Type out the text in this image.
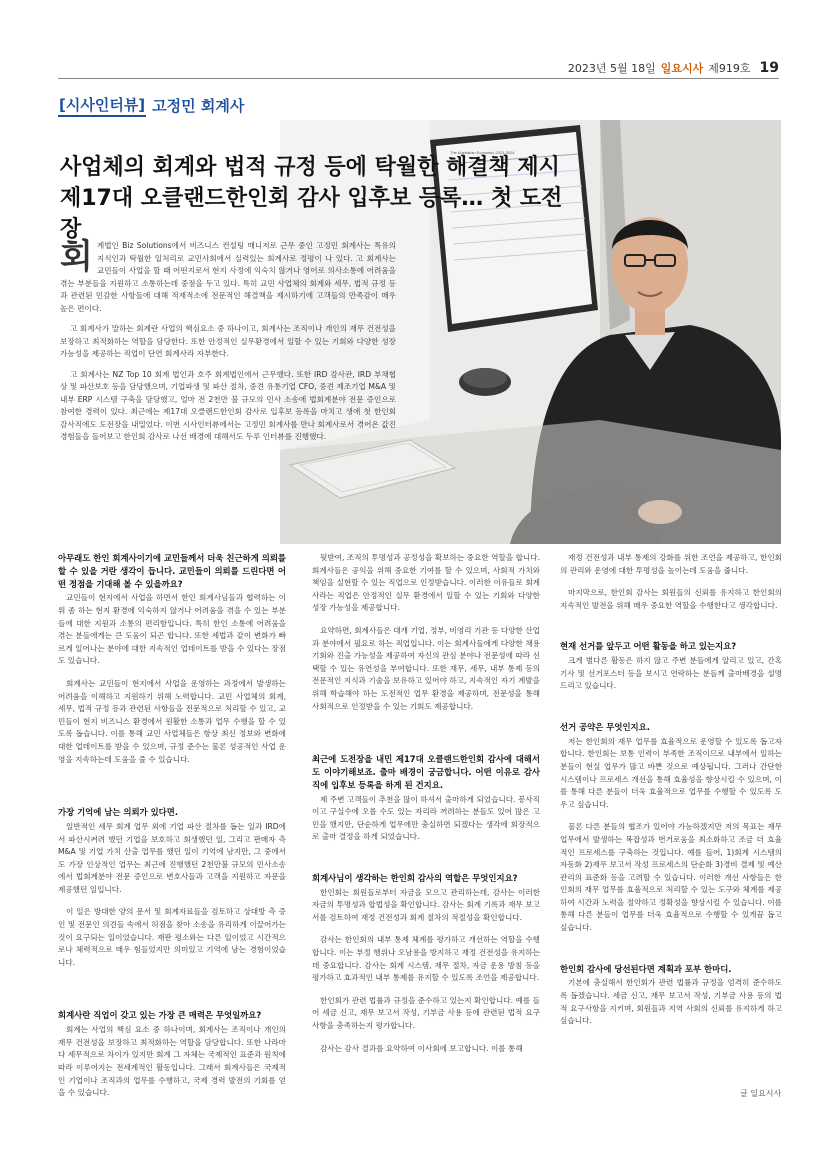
2023년 5월 18일 일요시사 제919호 19
[시사인터뷰] 고정민 회계사
The Australian Economic 2023-2024
사업체의 회계와 법적 규정 등에 탁월한 해결책 제시
제17대 오클랜드한인회 감사 입후보 등록… 첫 도전장

회계법인 Biz Solutions에서 비즈니스 컨설팅 매니저로 근무 중인 고정민 회계사는 특유의 지식인과 탁월한 일처리로 교민사회에서 실력있는 회계사로 정평이 나 있다. 고 회계사는 교민들이 사업을 할 때 어떤지로서 현지 사정에 익숙치 않거나 영어로 의사소통에 어려움을 겪는 부분들을 지원하고 소통하는데 중점을 두고 있다. 특히 교민 사업체의 회계와 세무, 법적 규정 등과 관련된 민감한 사항들에 대해 적재적소에 전문적인 해결책을 제시하기에 고객들의 만족감이 매우 높은 편이다.

고 회계사가 말하는 회계란 사업의 핵심요소 중 하나이고, 회계사는 조직이나 개인의 재무 건전성을 보장하고 최적화하는 역할을 담당한다. 또한 안정적인 실무환경에서 일할 수 있는 기회와 다양한 성장 가능성을 제공하는 직업이 단연 회계사라 자부한다.

고 회계사는 NZ Top 10 회계 법인과 호주 회계법인에서 근무했다. 또한 IRD 감사관, IRD 부채협상 및 파산보호 등을 담당했으며, 기업파생 및 파산 절차, 중견 유통기업 CFO, 중견 제조기업 M&A 및 내부 ERP 시스템 구축을 담당했고, 얼마 전 2천만 불 규모의 민사 소송에 법회계분야 전문 증인으로 참여한 경력이 있다. 최근에는 제17대 오클랜드한인회 감사로 입후보 등록을 마치고 생애 첫 한인회 감사직에도 도전장을 내밀었다. 이번 시사인터뷰에서는 고정민 회계사를 만나 회계사로서 겪어온 값진 경험들을 들어보고 한인회 감사로 나선 배경에 대해서도 두루 인터뷰를 진행했다.

아무래도 한인 회계사이기에 교민들께서 더욱 친근하게 의뢰를 할 수 있을 거란 생각이 듭니다. 교민들이 의뢰를 드린다면 어떤 정점을 기대해 볼 수 있을까요?

교민들이 현지에서 사업을 하면서 한인 회계사님들과 협력하는 이뤄 좀 하는 현지 환경에 익숙하지 않거나 어려움을 겪을 수 있는 부분들에 대한 지원과 소통의 편리함입니다. 특히 한인 소통에 어려움을 겪는 분들에게는 큰 도움이 되곤 합니다. 또한 세법과 같이 변화가 빠르게 일어나는 분야에 대한 지속적인 업데이트를 받을 수 있다는 장점도 있습니다.

회계사는 교민들이 현지에서 사업을 운영하는 과정에서 발생하는 어려움을 이해하고 지원하기 위해 노력합니다. 교민 사업체의 회계, 세무, 법적 규정 등과 관련된 사항들을 전문적으로 처리할 수 있고, 교민들이 현지 비즈니스 환경에서 원활한 소통과 업무 수행을 할 수 있도록 돕습니다. 이를 통해 교민 사업체들은 항상 최신 정보와 변화에 대한 업데이트를 받을 수 있으며, 규정 준수는 물론 성공적인 사업 운영을 지속하는데 도움을 줄 수 있습니다.

가장 기억에 남는 의뢰가 있다면.

일반적인 세무 회계 업무 외에 기업 파산 절차를 돕는 일과 IRD에서 파산시켜려 했던 기업을 보호하고 회생했던 일, 그리고 판매자 측 M&A 및 기업 가치 산출 업무를 했던 일이 기억에 남지만, 그 중에서도 가장 인상적인 업무는 최근에 진행했던 2천만불 규모의 민사소송에서 법회계분야 전문 증인으로 변호사들과 고객을 지원하고 자문을 제공했던 일입니다.

이 일은 방대한 양의 문서 및 회계자료들을 검토하고 상대방 측 증인 및 전문인 의견들 속에서 허점을 찾아 소송을 유리하게 이끌어가는 것이 요구되는 일이었습니다. 재판 평소와는 다른 일이었고 시간적으로나 체력적으로 매우 힘들었지만 의미있고 기억에 남는 경험이었습니다.

회계사란 직업이 갖고 있는 가장 큰 매력은 무엇일까요?

회계는 사업의 핵심 요소 중 하나이며, 회계사는 조직이나 개인의 재무 건전성을 보장하고 최적화하는 역할을 담당합니다. 또한 나라마다 세무적으로 차이가 있지만 회계 그 자체는 국제적인 표준과 원칙에 따라 이루어지는 전세계적인 활동입니다. 그래서 회계사들은 국제적인 기업이나 조직과의 업무를 수행하고, 국제 경력 발전의 기회를 얻을 수 있습니다.

뒷받여, 조직의 투명성과 공정성을 확보하는 중요한 역할을 합니다. 회계사들은 공익을 위해 중요한 기여를 할 수 있으며, 사회적 가치와 책임을 실현할 수 있는 직업으로 인정받습니다. 이러한 이유들로 회계사라는 직업은 안정적인 실무 환경에서 일할 수 있는 기회와 다양한 성장 가능성을 제공합니다.

요약하면, 회계사들은 대개 기업, 정부, 비영리 기관 등 다양한 산업과 분야에서 필요로 하는 직업입니다. 이는 회계사들에게 다양한 채용 기회와 진출 가능성을 제공하여 자신의 관심 분야나 전문성에 따라 선택할 수 있는 유연성을 부여합니다. 또한 재무, 세무, 내부 통제 등의 전문적인 지식과 기술을 보유하고 있어야 하고, 지속적인 자기 계발을 위해 학습해야 하는 도전적인 업무 환경을 제공하며, 전문성을 통해 사회적으로 인정받을 수 있는 기회도 제공합니다.

최근에 도전장을 내민 제17대 오클랜드한인회 감사에 대해서도 이야기해보죠. 출마 배경이 궁금합니다. 어떤 이유로 감사직에 입후보 등록을 하게 된 건지요.

제 주변 고객들이 추천을 많이 하셔서 출마하게 되었습니다. 봉사직이고 구실수에 오를 수도 있는 자리라 꺼려하는 분들도 있어 많은 고민을 했지만, 단순하게 업무에만 충실하면 되겠다는 생각에 회장적으로 출마 결정을 하게 되었습니다.

회계사님이 생각하는 한인회 감사의 역할은 무엇인지요?

한인회는 회원들로부터 자금을 모으고 관리하는데, 감사는 이러한 자금의 투명성과 합법성을 확인합니다. 감사는 회계 기록과 재무 보고서를 검토하여 재정 건전성과 회계 절차의 적절성을 확인합니다.

감사는 한인회의 내부 통제 체계를 평가하고 개선하는 역할을 수행합니다. 이는 부정 행위나 오남용을 방지하고 재정 건전성을 유지하는데 중요합니다. 감사는 회계 시스템, 재무 절차, 자금 운용 방침 등을 평가하고 효과적인 내부 통제를 유지할 수 있도록 조언을 제공합니다.

한인회가 관련 법률과 규정을 준수하고 있는지 확인합니다. 예를 들어 세금 신고, 재무 보고서 작성, 기부금 사용 등에 관련된 법적 요구사항을 충족하는지 평가합니다.

감사는 감사 결과를 요약하여 이사회에 보고합니다. 이를 통해

재정 건전성과 내부 통제의 강화를 위한 조언을 제공하고, 한인회의 관리와 운영에 대한 투명성을 높이는데 도움을 줍니다.

마지막으로, 한인회 감사는 회원들의 신뢰를 유지하고 한인회의 지속적인 발전을 위해 매우 중요한 역할을 수행한다고 생각합니다.

현재 선거를 앞두고 어떤 활동을 하고 있는지요?

크게 별다른 활동은 하지 않고 주변 분들에게 알리고 있고, 간혹 기사 및 선거포스터 등을 보시고 연락하는 분들께 출마배경을 설명드리고 있습니다.

선거 공약은 무엇인지요.

저는 한인회의 재무 업무를 효율적으로 운영할 수 있도록 돕고자 합니다. 한인회는 보통 인력이 부족한 조직이므로 내부에서 일하는 분들이 현실 업무가 많고 바쁜 것으로 예상됩니다. 그러나 간단한 시스템이나 프로세스 개선을 통해 효율성을 향상시킬 수 있으며, 이를 통해 다른 분들이 더욱 효율적으로 업무를 수행할 수 있도록 도우고 싶습니다.

물론 다른 분들의 협조가 있어야 가능하겠지만 저의 목표는 재무 업무에서 발생하는 복잡성과 번거로움을 최소화하고 조금 더 효율적인 프로세스를 구축하는 것입니다. 예를 들어, 1)회계 시스템의 자동화 2)재무 보고서 작성 프로세스의 단순화 3)경비 결제 및 예산 관리의 표준화 등을 고려할 수 있습니다. 이러한 개선 사항들은 한인회의 재무 업무를 효율적으로 처리할 수 있는 도구와 체계를 제공하여 시간과 노력을 절약하고 정확성을 향상시킬 수 있습니다. 이를 통해 다른 분들이 업무를 더욱 효율적으로 수행할 수 있게끔 돕고 싶습니다.

한인회 감사에 당선된다면 계획과 포부 한마디.

기본에 충실해서 한인회가 관련 법률과 규정을 엄격히 준수하도록 돕겠습니다. 세금 신고, 재무 보고서 작성, 기부금 사용 등의 법적 요구사항을 지키며, 회원들과 지역 사회의 신뢰를 유지하게 하고 싶습니다.

글 일요시사
